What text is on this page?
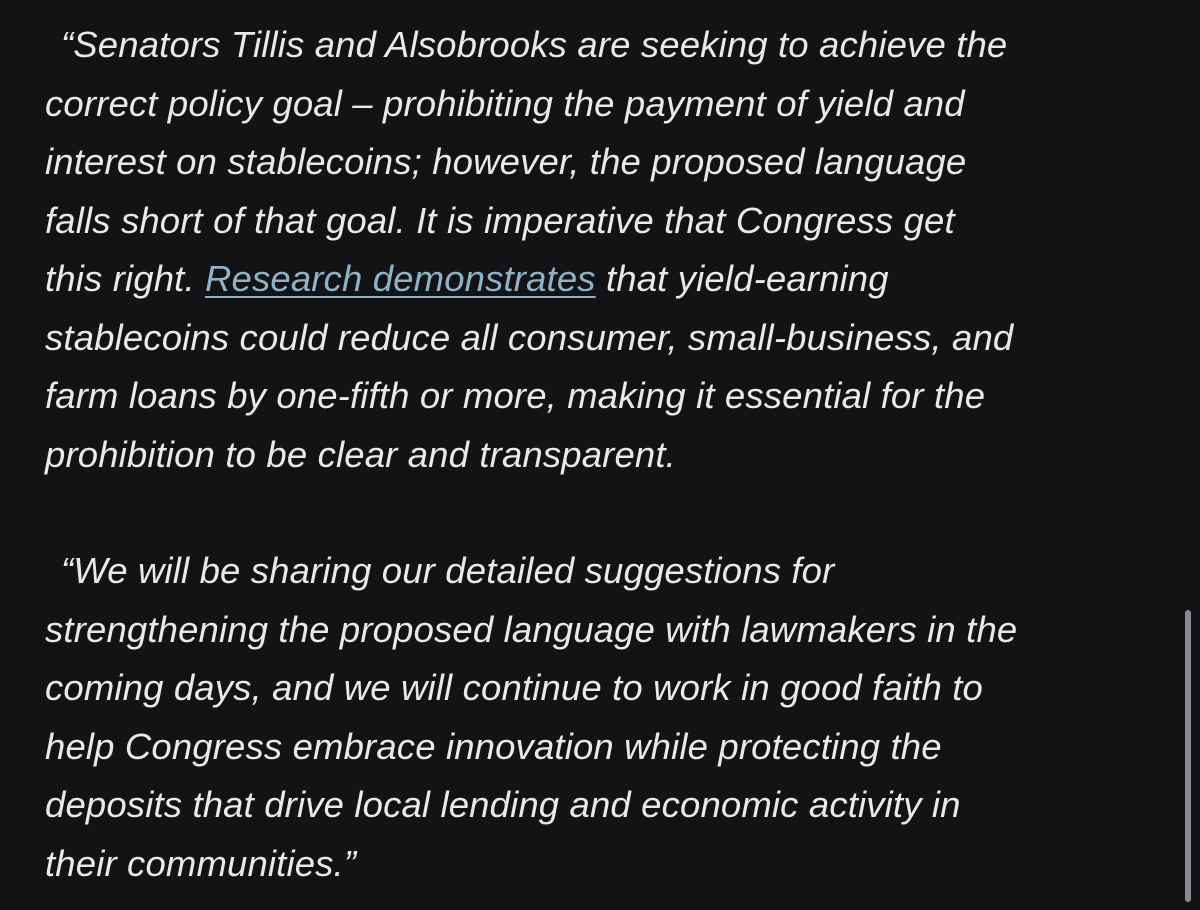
“Senators Tillis and Alsobrooks are seeking to achieve the
correct policy goal – prohibiting the payment of yield and
interest on stablecoins; however, the proposed language
falls short of that goal. It is imperative that Congress get
this right. Research demonstrates that yield-earning
stablecoins could reduce all consumer, small-business, and
farm loans by one-fifth or more, making it essential for the
prohibition to be clear and transparent.

“We will be sharing our detailed suggestions for
strengthening the proposed language with lawmakers in the
coming days, and we will continue to work in good faith to
help Congress embrace innovation while protecting the
deposits that drive local lending and economic activity in
their communities.”
